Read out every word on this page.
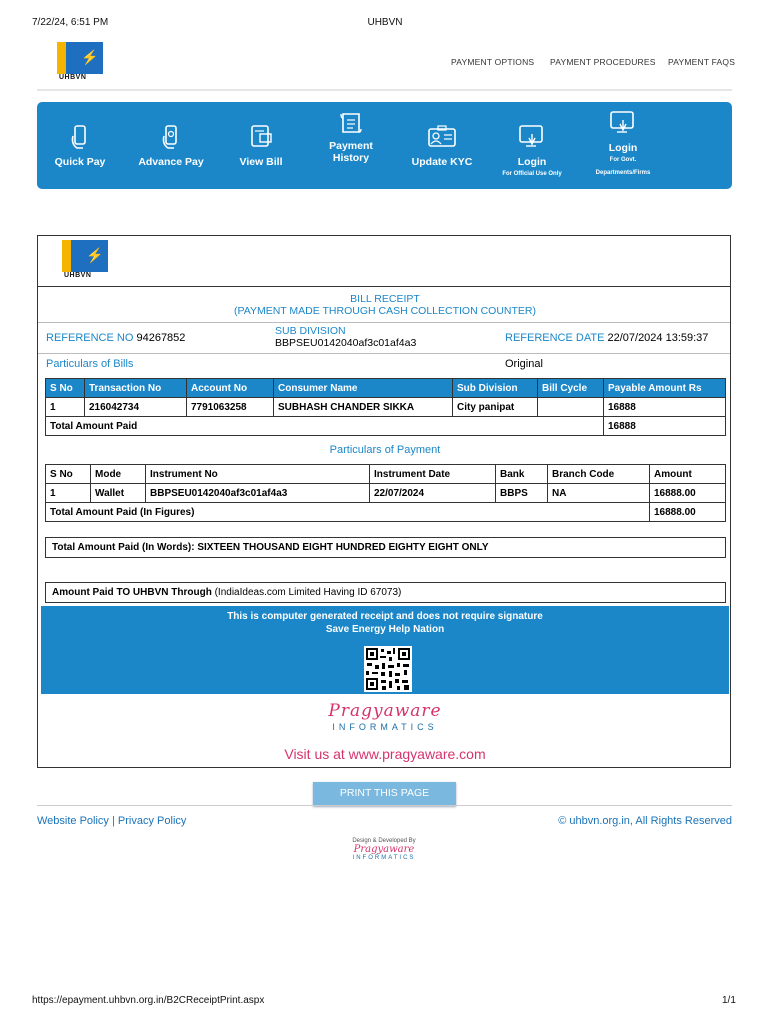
7/22/24, 6:51 PM	UHBVN
⚡
UHBVN
PAYMENT OPTIONS PAYMENT PROCEDURES PAYMENT FAQS
Quick Pay	Advance Pay	View Bill
Payment History	Update KYC	Login
For Official Use Only
Login
For Govt. Departments/Firms
⚡
UHBVN
BILL RECEIPT
(PAYMENT MADE THROUGH CASH COLLECTION COUNTER)
REFERENCE NO 94267852
SUB DIVISION
BBPSEU0142040af3c01af4a3	REFERENCE DATE 22/07/2024 13:59:37
Particulars of Bills	Original
S No	Transaction No	Account No	Consumer Name	Sub Division	Bill Cycle	Payable Amount Rs
1	216042734	7791063258	SUBHASH CHANDER SIKKA	City panipat		16888
Total Amount Paid						16888
Particulars of Payment
S No	Mode	Instrument No	Instrument Date	Bank	Branch Code	Amount
1	Wallet	BBPSEU0142040af3c01af4a3	22/07/2024	BBPS	NA	16888.00
Total Amount Paid (In Figures)						16888.00
Total Amount Paid (In Words): SIXTEEN THOUSAND EIGHT HUNDRED EIGHTY EIGHT ONLY
Amount Paid TO UHBVN Through (IndiaIdeas.com Limited Having ID 67073)
This is computer generated receipt and does not require signature
Save Energy Help Nation
Pragyaware
INFORMATICS
Visit us at www.pragyaware.com
PRINT THIS PAGE
Website Policy | Privacy Policy	© uhbvn.org.in, All Rights Reserved
Design & Developed By
Pragyaware
INFORMATICS
https://epayment.uhbvn.org.in/B2CReceiptPrint.aspx	1/1
